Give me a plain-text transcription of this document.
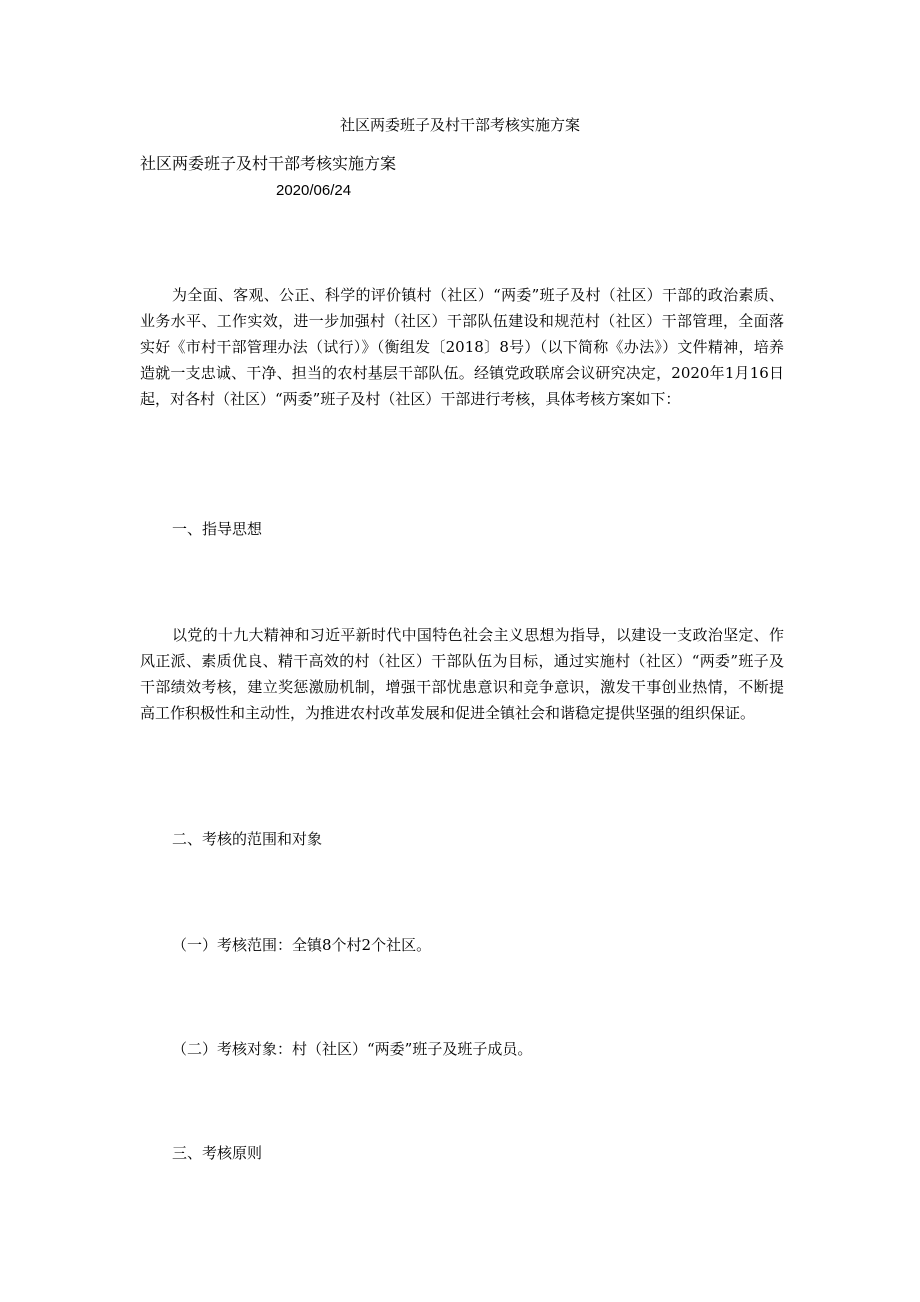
社区两委班子及村干部考核实施方案
社区两委班子及村干部考核实施方案
2020/06/24

为全面、客观、公正、科学的评价镇村（社区）“两委”班子及村（社区）干部的政治素质、业务水平、工作实效，进一步加强村（社区）干部队伍建设和规范村（社区）干部管理，全面落实好《市村干部管理办法（试行）》（衡组发〔2018〕8号）（以下简称《办法》）文件精神，培养造就一支忠诚、干净、担当的农村基层干部队伍。经镇党政联席会议研究决定，2020年1月16日起，对各村（社区）“两委”班子及村（社区）干部进行考核，具体考核方案如下：

一、指导思想

以党的十九大精神和习近平新时代中国特色社会主义思想为指导，以建设一支政治坚定、作风正派、素质优良、精干高效的村（社区）干部队伍为目标，通过实施村（社区）“两委”班子及干部绩效考核，建立奖惩激励机制，增强干部忧患意识和竞争意识，激发干事创业热情，不断提高工作积极性和主动性，为推进农村改革发展和促进全镇社会和谐稳定提供坚强的组织保证。

二、考核的范围和对象
（一）考核范围：全镇8个村2个社区。
（二）考核对象：村（社区）“两委”班子及班子成员。
三、考核原则
